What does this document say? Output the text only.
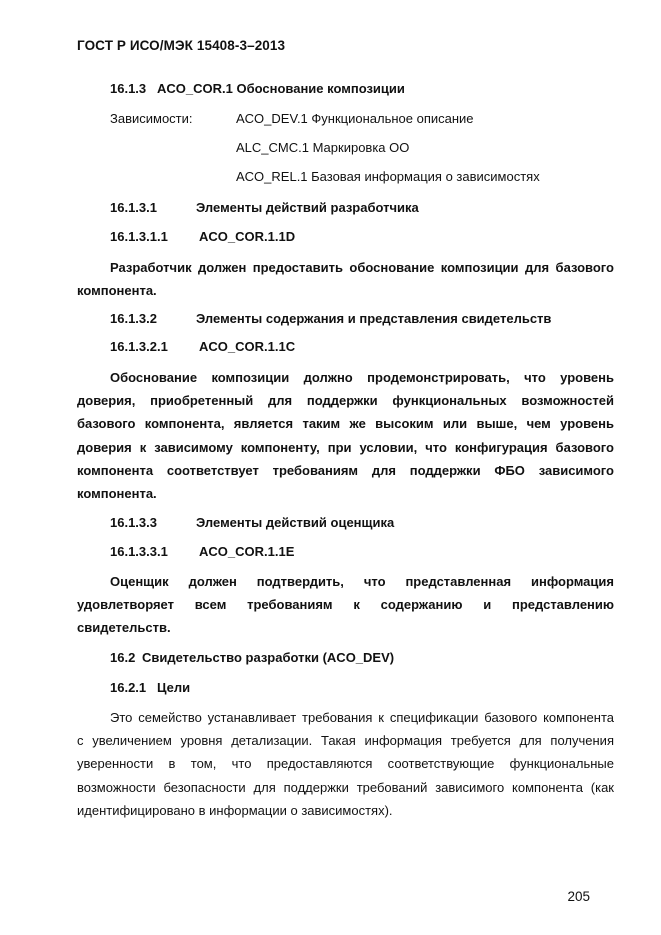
ГОСТ Р ИСО/МЭК 15408-3–2013
16.1.3 ACO_COR.1 Обоснование композиции
Зависимости:	ACO_DEV.1 Функциональное описание
ALC_CMC.1 Маркировка ОО
ACO_REL.1 Базовая информация о зависимостях
16.1.3.1	Элементы действий разработчика
16.1.3.1.1 ACO_COR.1.1D
Разработчик должен предоставить обоснование композиции для базового
компонента.
16.1.3.2	Элементы содержания и представления свидетельств
16.1.3.2.1 ACO_COR.1.1C
Обоснование композиции должно продемонстрировать, что уровень
доверия, приобретенный для поддержки функциональных возможностей
базового компонента, является таким же высоким или выше, чем уровень
доверия к зависимому компоненту, при условии, что конфигурация базового
компонента соответствует требованиям для поддержки ФБО зависимого
компонента.
16.1.3.3	Элементы действий оценщика
16.1.3.3.1 ACO_COR.1.1E
Оценщик должен подтвердить, что представленная информация
удовлетворяет всем требованиям к содержанию и представлению
свидетельств.
16.2 Свидетельство разработки (ACO_DEV)
16.2.1 Цели
Это семейство устанавливает требования к спецификации базового компонента
с увеличением уровня детализации. Такая информация требуется для получения
уверенности в том, что предоставляются соответствующие функциональные
возможности безопасности для поддержки требований зависимого компонента (как
идентифицировано в информации о зависимостях).
205
